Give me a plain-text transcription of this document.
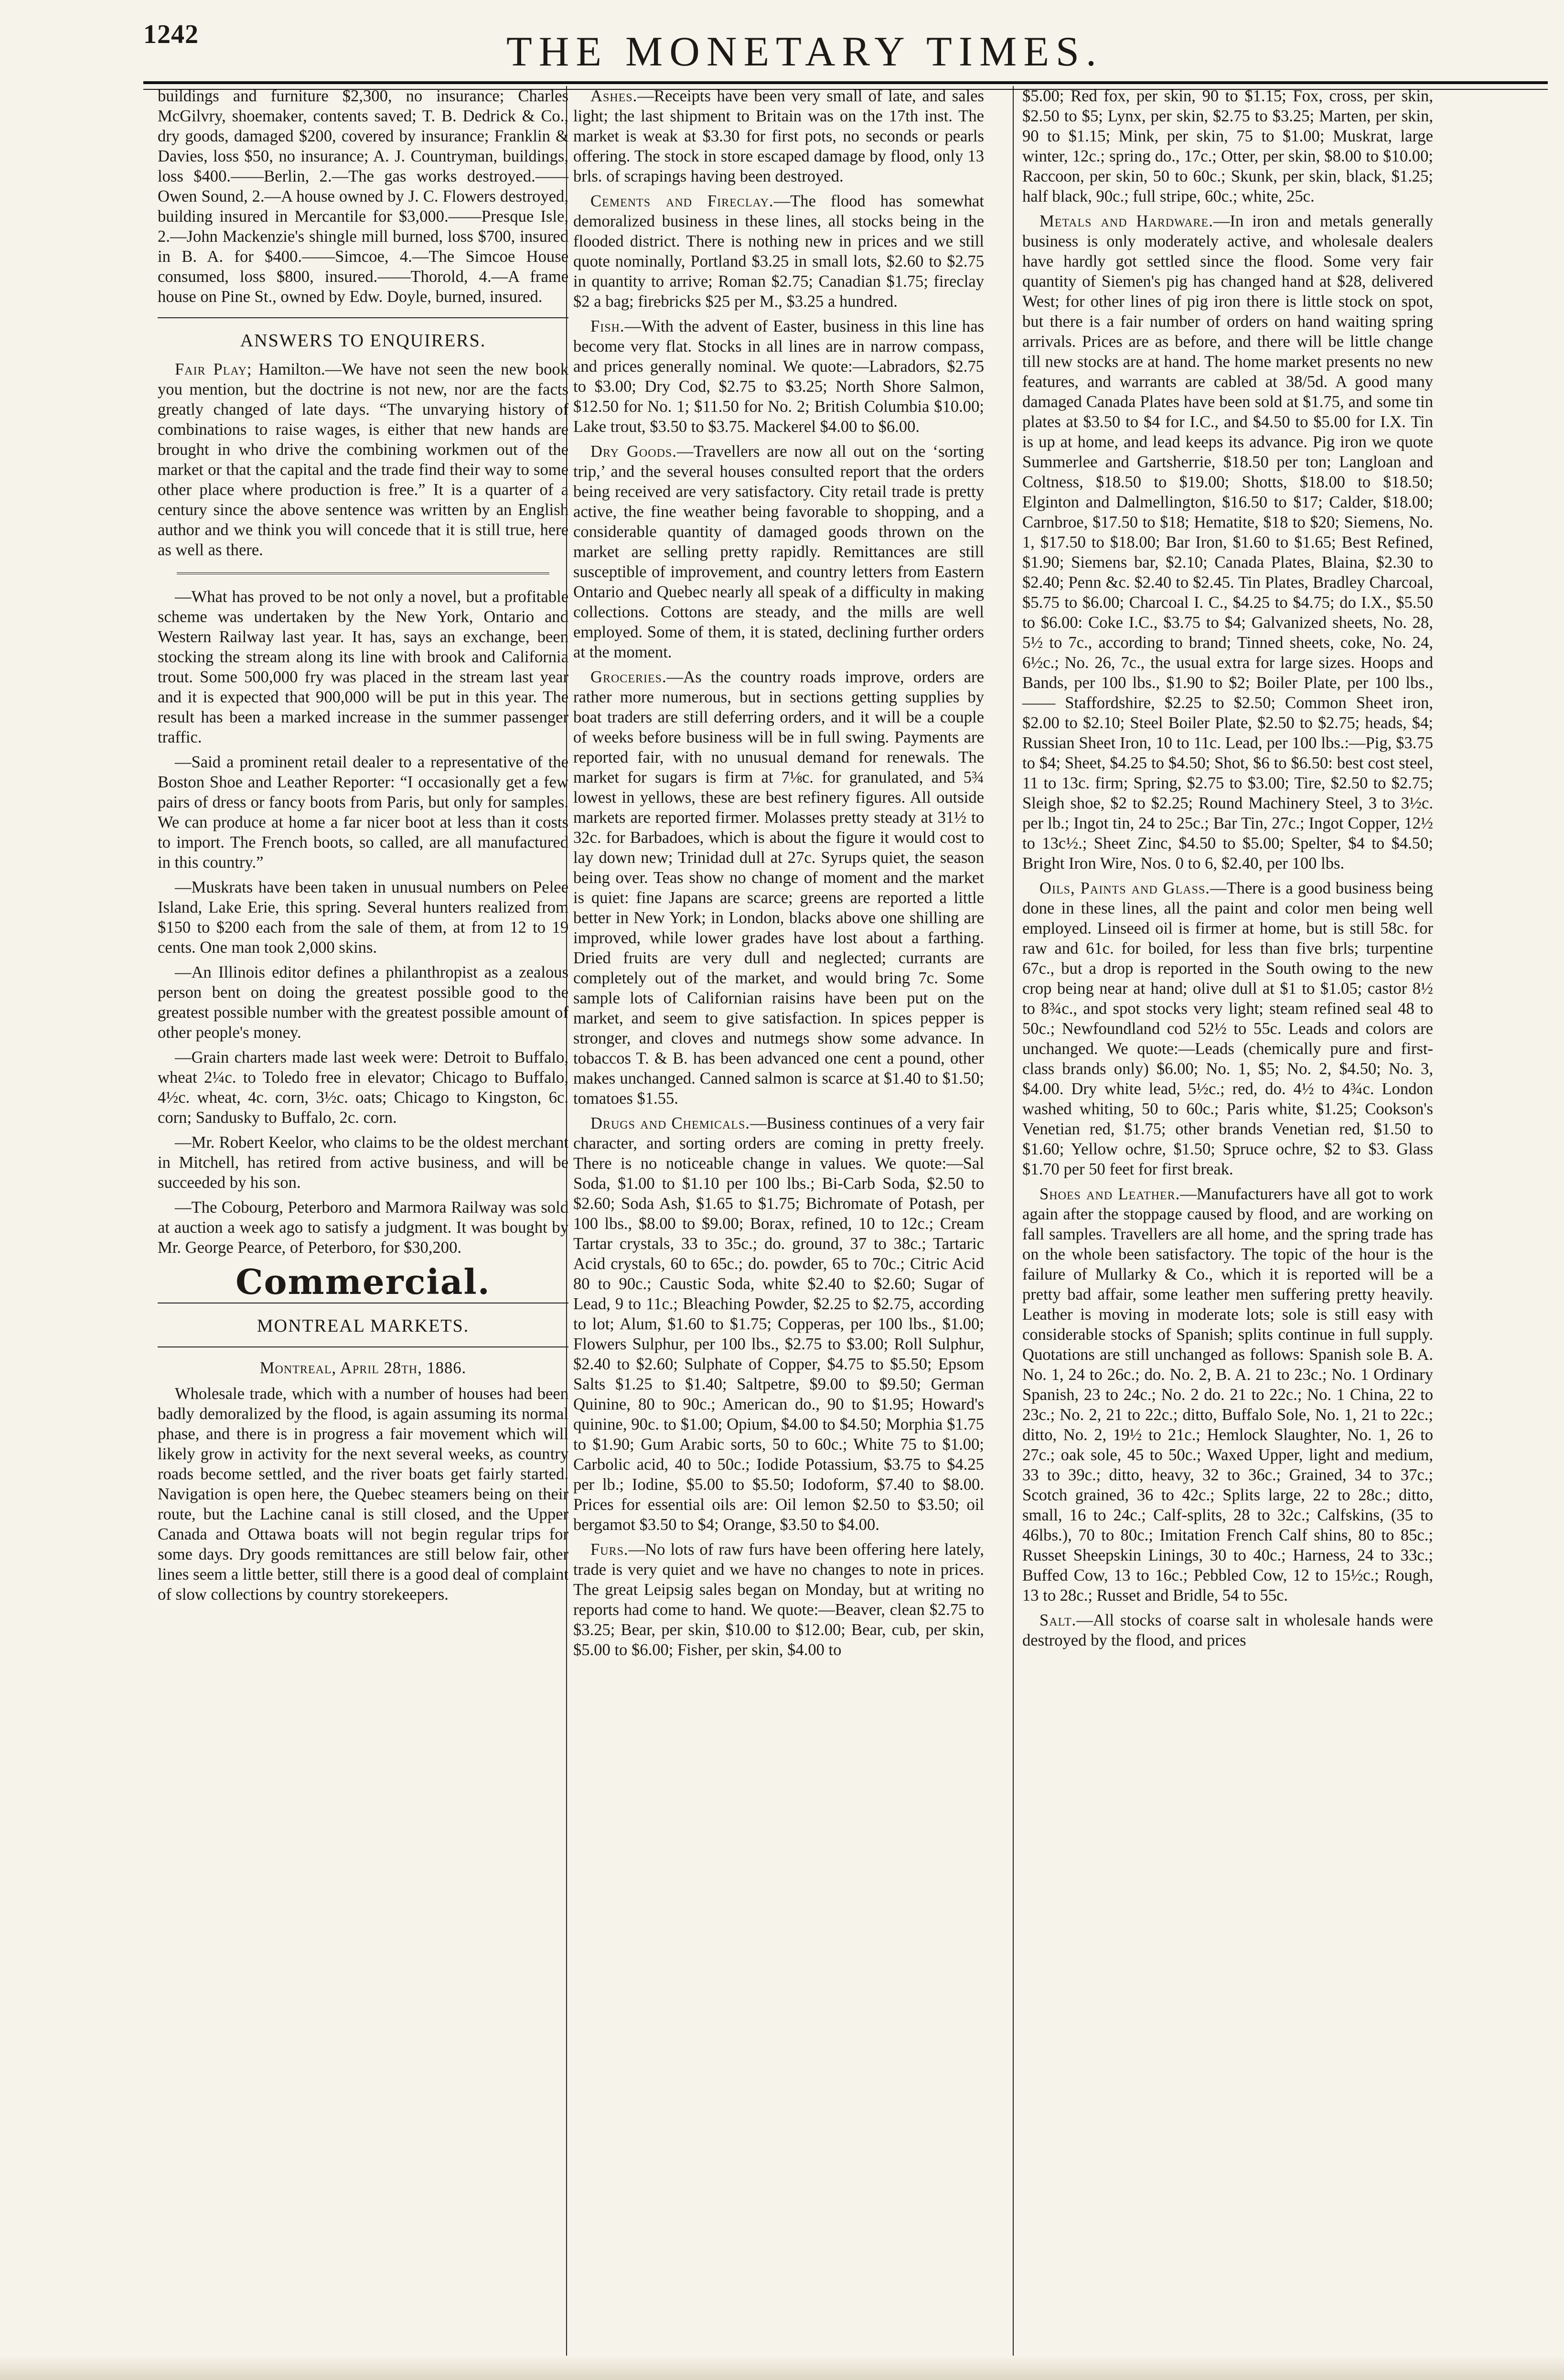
1242	THE MONETARY TIMES.

buildings and furniture $2,300, no insurance; Charles McGilvry, shoemaker, contents saved; T. B. Dedrick & Co., dry goods, damaged $200, covered by insurance; Franklin & Davies, loss $50, no insurance; A. J. Countryman, buildings, loss $400.——Berlin, 2.—The gas works destroyed.——Owen Sound, 2.—A house owned by J. C. Flowers destroyed, building insured in Mercantile for $3,000.——Presque Isle, 2.—John Mackenzie's shingle mill burned, loss $700, insured in B. A. for $400.——Simcoe, 4.—The Simcoe House consumed, loss $800, insured.——Thorold, 4.—A frame house on Pine St., owned by Edw. Doyle, burned, insured.

ANSWERS TO ENQUIRERS.

Fair Play; Hamilton.—We have not seen the new book you mention, but the doctrine is not new, nor are the facts greatly changed of late days. “The unvarying history of combinations to raise wages, is either that new hands are brought in who drive the combining workmen out of the market or that the capital and the trade find their way to some other place where production is free.” It is a quarter of a century since the above sentence was written by an English author and we think you will concede that it is still true, here as well as there.

—What has proved to be not only a novel, but a profitable scheme was undertaken by the New York, Ontario and Western Railway last year. It has, says an exchange, been stocking the stream along its line with brook and California trout. Some 500,000 fry was placed in the stream last year and it is expected that 900,000 will be put in this year. The result has been a marked increase in the summer passenger traffic.

—Said a prominent retail dealer to a representative of the Boston Shoe and Leather Reporter: “I occasionally get a few pairs of dress or fancy boots from Paris, but only for samples. We can produce at home a far nicer boot at less than it costs to import. The French boots, so called, are all manufactured in this country.”

—Muskrats have been taken in unusual numbers on Pelee Island, Lake Erie, this spring. Several hunters realized from $150 to $200 each from the sale of them, at from 12 to 19 cents. One man took 2,000 skins.

—An Illinois editor defines a philanthropist as a zealous person bent on doing the greatest possible good to the greatest possible number with the greatest possible amount of other people's money.

—Grain charters made last week were: Detroit to Buffalo, wheat 2¼c. to Toledo free in elevator; Chicago to Buffalo, 4½c. wheat, 4c. corn, 3½c. oats; Chicago to Kingston, 6c. corn; Sandusky to Buffalo, 2c. corn.

—Mr. Robert Keelor, who claims to be the oldest merchant in Mitchell, has retired from active business, and will be succeeded by his son.

—The Cobourg, Peterboro and Marmora Railway was sold at auction a week ago to satisfy a judgment. It was bought by Mr. George Pearce, of Peterboro, for $30,200.

Commercial.
MONTREAL MARKETS.
Montreal, April 28th, 1886.

Wholesale trade, which with a number of houses had been badly demoralized by the flood, is again assuming its normal phase, and there is in progress a fair movement which will likely grow in activity for the next several weeks, as country roads become settled, and the river boats get fairly started. Navigation is open here, the Quebec steamers being on their route, but the Lachine canal is still closed, and the Upper Canada and Ottawa boats will not begin regular trips for some days. Dry goods remittances are still below fair, other lines seem a little better, still there is a good deal of complaint of slow collections by country storekeepers.

Ashes.—Receipts have been very small of late, and sales light; the last shipment to Britain was on the 17th inst. The market is weak at $3.30 for first pots, no seconds or pearls offering. The stock in store escaped damage by flood, only 13 brls. of scrapings having been destroyed.

Cements and Fireclay.—The flood has somewhat demoralized business in these lines, all stocks being in the flooded district. There is nothing new in prices and we still quote nominally, Portland $3.25 in small lots, $2.60 to $2.75 in quantity to arrive; Roman $2.75; Canadian $1.75; fireclay $2 a bag; firebricks $25 per M., $3.25 a hundred.

Fish.—With the advent of Easter, business in this line has become very flat. Stocks in all lines are in narrow compass, and prices generally nominal. We quote:—Labradors, $2.75 to $3.00; Dry Cod, $2.75 to $3.25; North Shore Salmon, $12.50 for No. 1; $11.50 for No. 2; British Columbia $10.00; Lake trout, $3.50 to $3.75. Mackerel $4.00 to $6.00.

Dry Goods.—Travellers are now all out on the ‘sorting trip,’ and the several houses consulted report that the orders being received are very satisfactory. City retail trade is pretty active, the fine weather being favorable to shopping, and a considerable quantity of damaged goods thrown on the market are selling pretty rapidly. Remittances are still susceptible of improvement, and country letters from Eastern Ontario and Quebec nearly all speak of a difficulty in making collections. Cottons are steady, and the mills are well employed. Some of them, it is stated, declining further orders at the moment.

Groceries.—As the country roads improve, orders are rather more numerous, but in sections getting supplies by boat traders are still deferring orders, and it will be a couple of weeks before business will be in full swing. Payments are reported fair, with no unusual demand for renewals. The market for sugars is firm at 7⅛c. for granulated, and 5¾ lowest in yellows, these are best refinery figures. All outside markets are reported firmer. Molasses pretty steady at 31½ to 32c. for Barbadoes, which is about the figure it would cost to lay down new; Trinidad dull at 27c. Syrups quiet, the season being over. Teas show no change of moment and the market is quiet: fine Japans are scarce; greens are reported a little better in New York; in London, blacks above one shilling are improved, while lower grades have lost about a farthing. Dried fruits are very dull and neglected; currants are completely out of the market, and would bring 7c. Some sample lots of Californian raisins have been put on the market, and seem to give satisfaction. In spices pepper is stronger, and cloves and nutmegs show some advance. In tobaccos T. & B. has been advanced one cent a pound, other makes unchanged. Canned salmon is scarce at $1.40 to $1.50; tomatoes $1.55.

Drugs and Chemicals.—Business continues of a very fair character, and sorting orders are coming in pretty freely. There is no noticeable change in values. We quote:—Sal Soda, $1.00 to $1.10 per 100 lbs.; Bi-Carb Soda, $2.50 to $2.60; Soda Ash, $1.65 to $1.75; Bichromate of Potash, per 100 lbs., $8.00 to $9.00; Borax, refined, 10 to 12c.; Cream Tartar crystals, 33 to 35c.; do. ground, 37 to 38c.; Tartaric Acid crystals, 60 to 65c.; do. powder, 65 to 70c.; Citric Acid 80 to 90c.; Caustic Soda, white $2.40 to $2.60; Sugar of Lead, 9 to 11c.; Bleaching Powder, $2.25 to $2.75, according to lot; Alum, $1.60 to $1.75; Copperas, per 100 lbs., $1.00; Flowers Sulphur, per 100 lbs., $2.75 to $3.00; Roll Sulphur, $2.40 to $2.60; Sulphate of Copper, $4.75 to $5.50; Epsom Salts $1.25 to $1.40; Saltpetre, $9.00 to $9.50; German Quinine, 80 to 90c.; American do., 90 to $1.95; Howard's quinine, 90c. to $1.00; Opium, $4.00 to $4.50; Morphia $1.75 to $1.90; Gum Arabic sorts, 50 to 60c.; White 75 to $1.00; Carbolic acid, 40 to 50c.; Iodide Potassium, $3.75 to $4.25 per lb.; Iodine, $5.00 to $5.50; Iodoform, $7.40 to $8.00. Prices for essential oils are: Oil lemon $2.50 to $3.50; oil bergamot $3.50 to $4; Orange, $3.50 to $4.00.

Furs.—No lots of raw furs have been offering here lately, trade is very quiet and we have no changes to note in prices. The great Leipsig sales began on Monday, but at writing no reports had come to hand. We quote:—Beaver, clean $2.75 to $3.25; Bear, per skin, $10.00 to $12.00; Bear, cub, per skin, $5.00 to $6.00; Fisher, per skin, $4.00 to

$5.00; Red fox, per skin, 90 to $1.15; Fox, cross, per skin, $2.50 to $5; Lynx, per skin, $2.75 to $3.25; Marten, per skin, 90 to $1.15; Mink, per skin, 75 to $1.00; Muskrat, large winter, 12c.; spring do., 17c.; Otter, per skin, $8.00 to $10.00; Raccoon, per skin, 50 to 60c.; Skunk, per skin, black, $1.25; half black, 90c.; full stripe, 60c.; white, 25c.

Metals and Hardware.—In iron and metals generally business is only moderately active, and wholesale dealers have hardly got settled since the flood. Some very fair quantity of Siemen's pig has changed hand at $28, delivered West; for other lines of pig iron there is little stock on spot, but there is a fair number of orders on hand waiting spring arrivals. Prices are as before, and there will be little change till new stocks are at hand. The home market presents no new features, and warrants are cabled at 38/5d. A good many damaged Canada Plates have been sold at $1.75, and some tin plates at $3.50 to $4 for I.C., and $4.50 to $5.00 for I.X. Tin is up at home, and lead keeps its advance. Pig iron we quote Summerlee and Gartsherrie, $18.50 per ton; Langloan and Coltness, $18.50 to $19.00; Shotts, $18.00 to $18.50; Elginton and Dalmellington, $16.50 to $17; Calder, $18.00; Carnbroe, $17.50 to $18; Hematite, $18 to $20; Siemens, No. 1, $17.50 to $18.00; Bar Iron, $1.60 to $1.65; Best Refined, $1.90; Siemens bar, $2.10; Canada Plates, Blaina, $2.30 to $2.40; Penn &c. $2.40 to $2.45. Tin Plates, Bradley Charcoal, $5.75 to $6.00; Charcoal I. C., $4.25 to $4.75; do I.X., $5.50 to $6.00: Coke I.C., $3.75 to $4; Galvanized sheets, No. 28, 5½ to 7c., according to brand; Tinned sheets, coke, No. 24, 6½c.; No. 26, 7c., the usual extra for large sizes. Hoops and Bands, per 100 lbs., $1.90 to $2; Boiler Plate, per 100 lbs., —— Staffordshire, $2.25 to $2.50; Common Sheet iron, $2.00 to $2.10; Steel Boiler Plate, $2.50 to $2.75; heads, $4; Russian Sheet Iron, 10 to 11c. Lead, per 100 lbs.:—Pig, $3.75 to $4; Sheet, $4.25 to $4.50; Shot, $6 to $6.50: best cost steel, 11 to 13c. firm; Spring, $2.75 to $3.00; Tire, $2.50 to $2.75; Sleigh shoe, $2 to $2.25; Round Machinery Steel, 3 to 3½c. per lb.; Ingot tin, 24 to 25c.; Bar Tin, 27c.; Ingot Copper, 12½ to 13c½.; Sheet Zinc, $4.50 to $5.00; Spelter, $4 to $4.50; Bright Iron Wire, Nos. 0 to 6, $2.40, per 100 lbs.

Oils, Paints and Glass.—There is a good business being done in these lines, all the paint and color men being well employed. Linseed oil is firmer at home, but is still 58c. for raw and 61c. for boiled, for less than five brls; turpentine 67c., but a drop is reported in the South owing to the new crop being near at hand; olive dull at $1 to $1.05; castor 8½ to 8¾c., and spot stocks very light; steam refined seal 48 to 50c.; Newfoundland cod 52½ to 55c. Leads and colors are unchanged. We quote:—Leads (chemically pure and first-class brands only) $6.00; No. 1, $5; No. 2, $4.50; No. 3, $4.00. Dry white lead, 5½c.; red, do. 4½ to 4¾c. London washed whiting, 50 to 60c.; Paris white, $1.25; Cookson's Venetian red, $1.75; other brands Venetian red, $1.50 to $1.60; Yellow ochre, $1.50; Spruce ochre, $2 to $3. Glass $1.70 per 50 feet for first break.

Shoes and Leather.—Manufacturers have all got to work again after the stoppage caused by flood, and are working on fall samples. Travellers are all home, and the spring trade has on the whole been satisfactory. The topic of the hour is the failure of Mullarky & Co., which it is reported will be a pretty bad affair, some leather men suffering pretty heavily. Leather is moving in moderate lots; sole is still easy with considerable stocks of Spanish; splits continue in full supply. Quotations are still unchanged as follows: Spanish sole B. A. No. 1, 24 to 26c.; do. No. 2, B. A. 21 to 23c.; No. 1 Ordinary Spanish, 23 to 24c.; No. 2 do. 21 to 22c.; No. 1 China, 22 to 23c.; No. 2, 21 to 22c.; ditto, Buffalo Sole, No. 1, 21 to 22c.; ditto, No. 2, 19½ to 21c.; Hemlock Slaughter, No. 1, 26 to 27c.; oak sole, 45 to 50c.; Waxed Upper, light and medium, 33 to 39c.; ditto, heavy, 32 to 36c.; Grained, 34 to 37c.; Scotch grained, 36 to 42c.; Splits large, 22 to 28c.; ditto, small, 16 to 24c.; Calf-splits, 28 to 32c.; Calfskins, (35 to 46lbs.), 70 to 80c.; Imitation French Calf shins, 80 to 85c.; Russet Sheepskin Linings, 30 to 40c.; Harness, 24 to 33c.; Buffed Cow, 13 to 16c.; Pebbled Cow, 12 to 15½c.; Rough, 13 to 28c.; Russet and Bridle, 54 to 55c.

Salt.—All stocks of coarse salt in wholesale hands were destroyed by the flood, and prices
